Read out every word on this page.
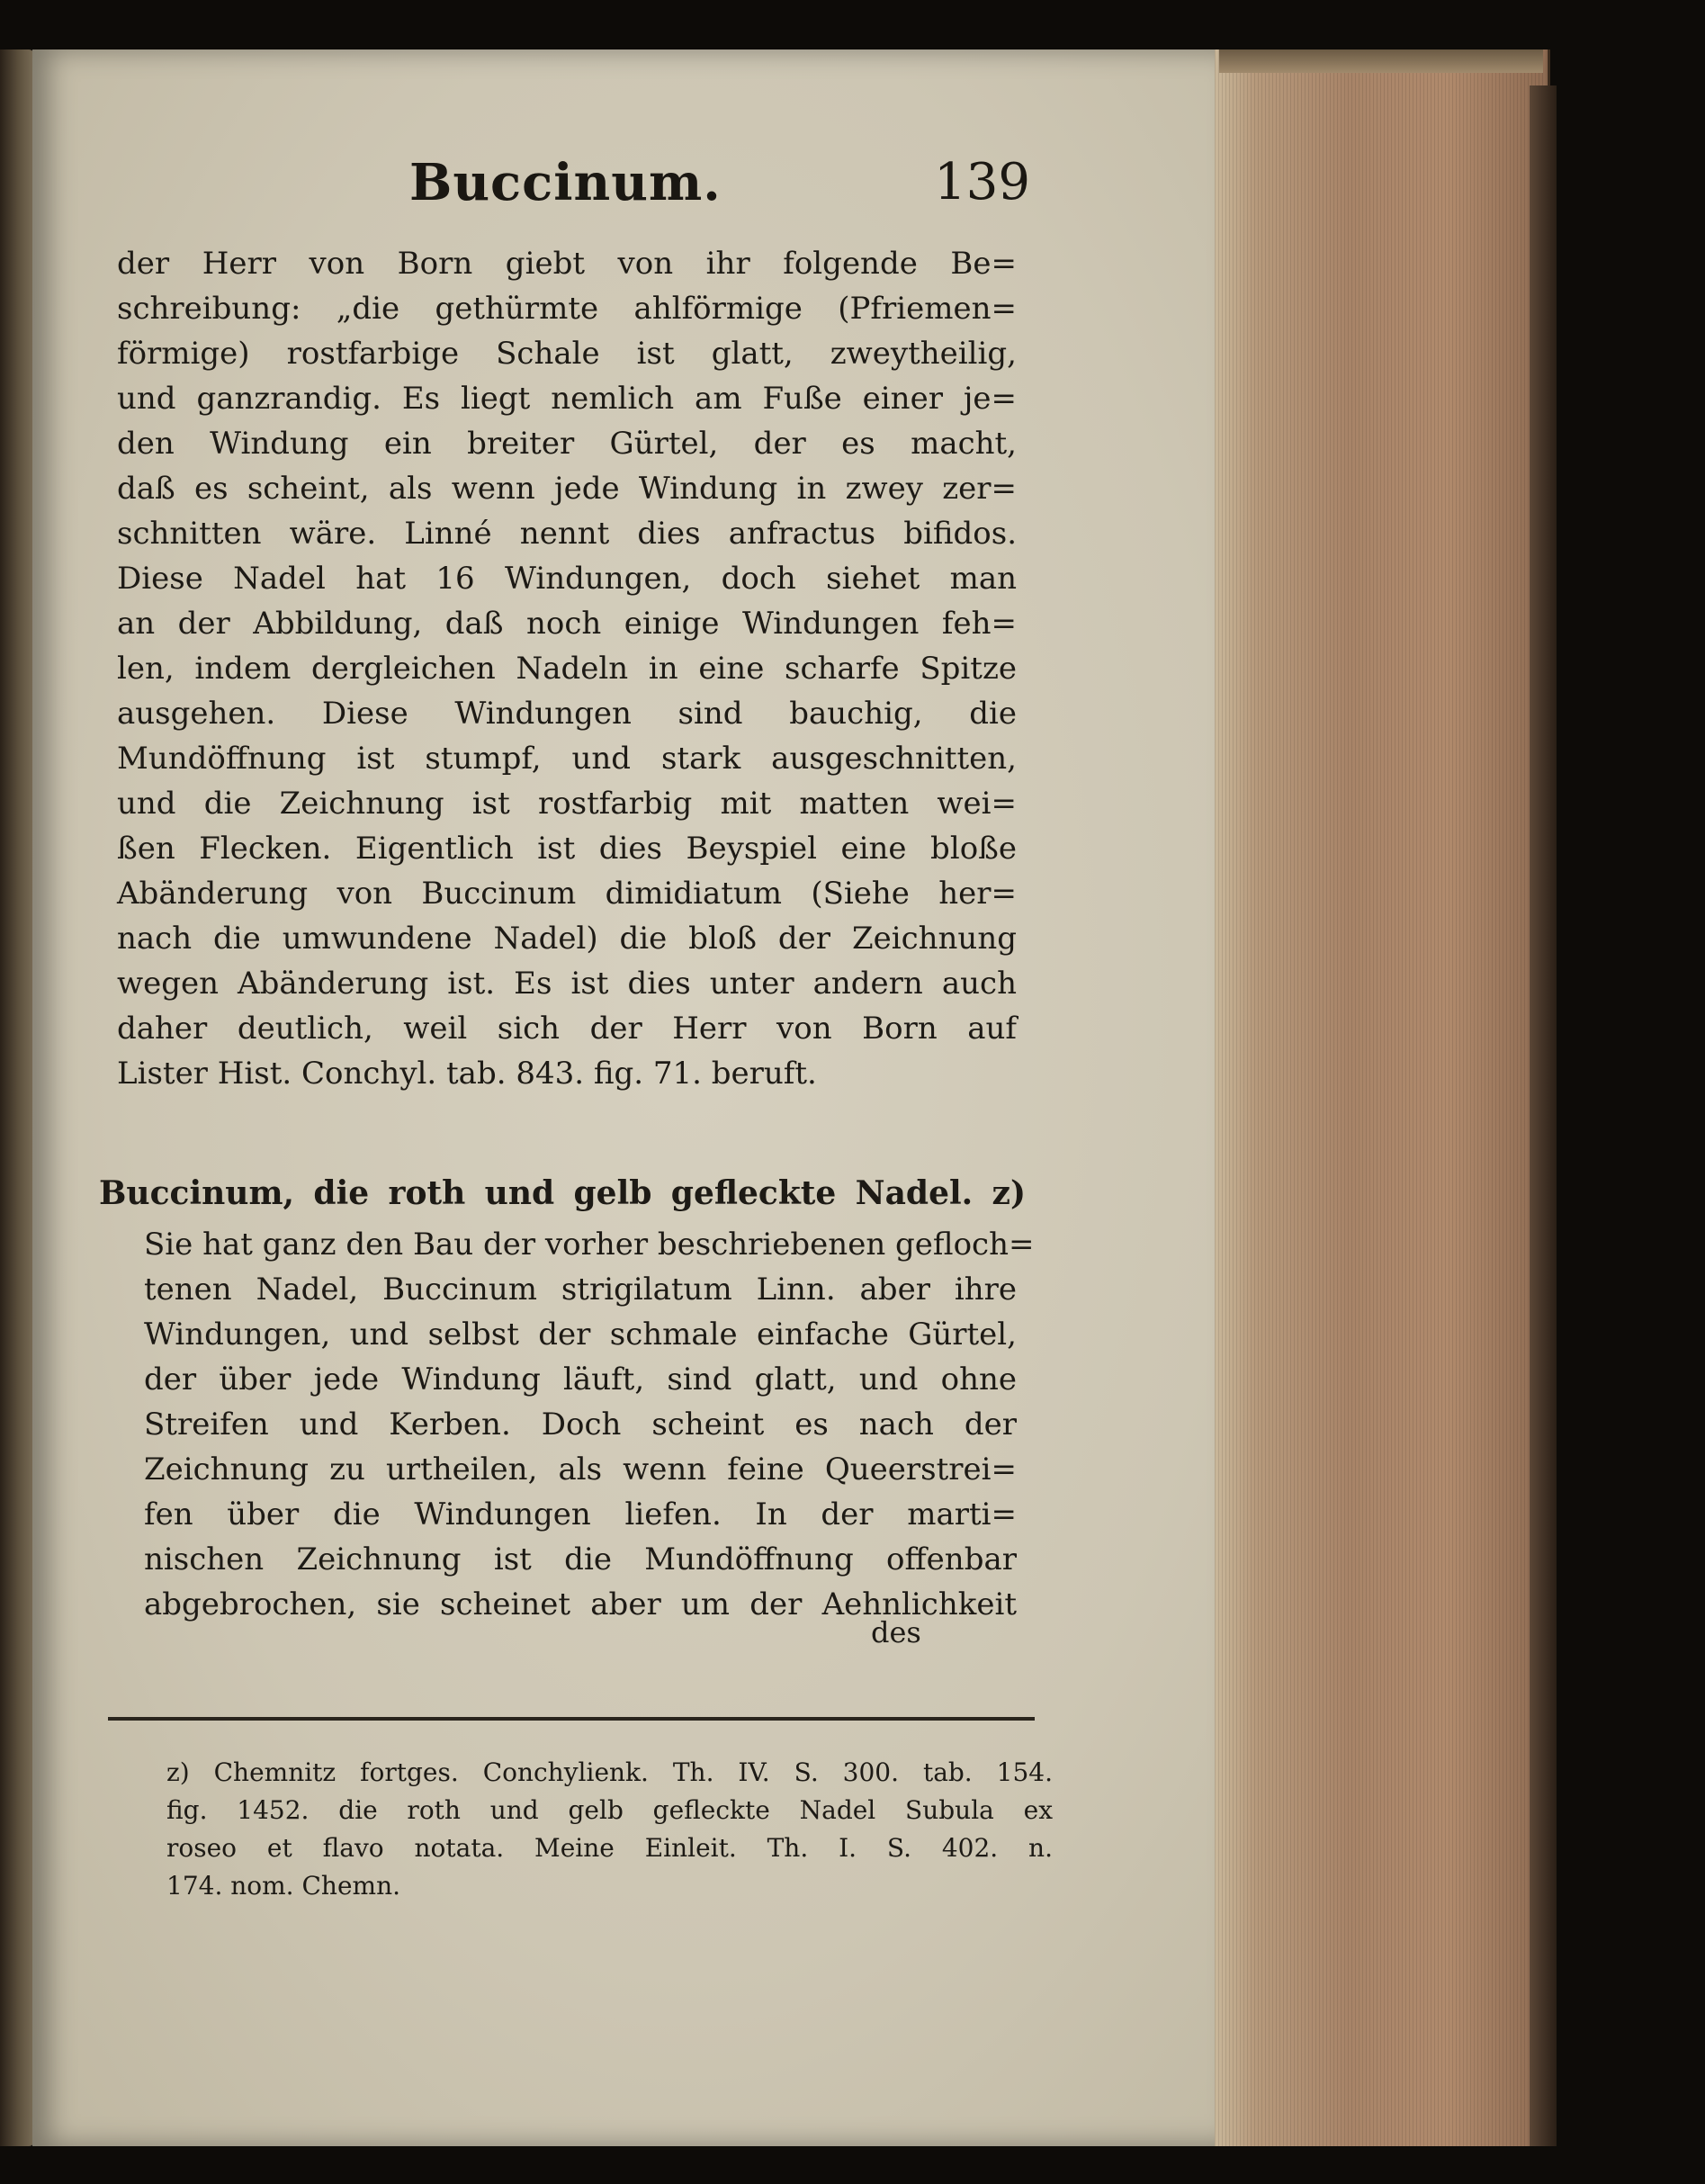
Buccinum.	139
der Herr von Born giebt von ihr folgende Be=
schreibung: „die gethürmte ahlförmige (Pfriemen=
förmige) rostfarbige Schale ist glatt, zweytheilig,
und ganzrandig. Es liegt nemlich am Fuße einer je=
den Windung ein breiter Gürtel, der es macht,
daß es scheint, als wenn jede Windung in zwey zer=
schnitten wäre. Linné nennt dies anfractus bifidos.
Diese Nadel hat 16 Windungen, doch siehet man
an der Abbildung, daß noch einige Windungen feh=
len, indem dergleichen Nadeln in eine scharfe Spitze
ausgehen. Diese Windungen sind bauchig, die
Mundöffnung ist stumpf, und stark ausgeschnitten,
und die Zeichnung ist rostfarbig mit matten wei=
ßen Flecken. Eigentlich ist dies Beyspiel eine bloße
Abänderung von Buccinum dimidiatum (Siehe her=
nach die umwundene Nadel) die bloß der Zeichnung
wegen Abänderung ist. Es ist dies unter andern auch
daher deutlich, weil sich der Herr von Born auf
Lister Hist. Conchyl. tab. 843. fig. 71. beruft.
Buccinum, die roth und gelb gefleckte Nadel. z)
Sie hat ganz den Bau der vorher beschriebenen gefloch=
tenen Nadel, Buccinum strigilatum Linn. aber ihre
Windungen, und selbst der schmale einfache Gürtel,
der über jede Windung läuft, sind glatt, und ohne
Streifen und Kerben. Doch scheint es nach der
Zeichnung zu urtheilen, als wenn feine Queerstrei=
fen über die Windungen liefen. In der marti=
nischen Zeichnung ist die Mundöffnung offenbar
abgebrochen, sie scheinet aber um der Aehnlichkeit
des
z) Chemnitz fortges. Conchylienk. Th. IV. S. 300. tab. 154.
fig. 1452. die roth und gelb gefleckte Nadel Subula ex
roseo et flavo notata. Meine Einleit. Th. I. S. 402. n.
174. nom. Chemn.
